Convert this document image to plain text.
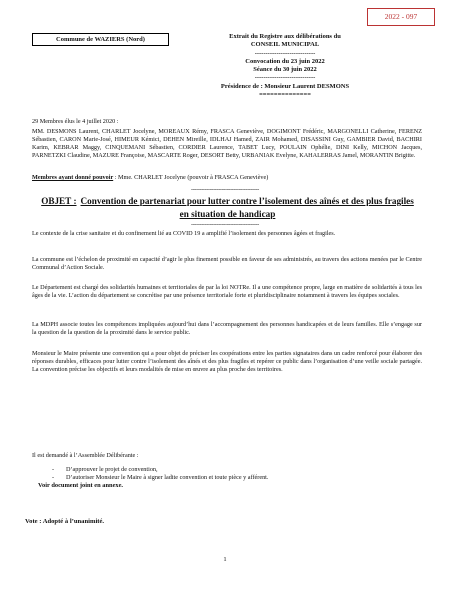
2022 - 097
Commune de WAZIERS (Nord)	Extrait du Registre aux délibérations du
CONSEIL MUNICIPAL
----------------------------
Convocation du 23 juin 2022
Séance du 30 juin 2022
----------------------------
Présidence de : Monsieur Laurent DESMONS
==============
29 Membres élus le 4 juillet 2020 :
MM. DESMONS Laurent, CHARLET Jocelyne, MOREAUX Rémy, FRASCA Geneviève, DOGIMONT Frédéric, MARGONELLI Catherine, FERENZ Sébastien, CARON Marie-José, HIMEUR Kémici, DEHEN Mireille, IDLHAJ Hamed, ZAIR Mohamed, DISASSINI Guy, GAMBIER David, BACHIRI Karim, KEBRAR Maggy, CINQUEMANI Sébastien, CORDIER Laurence, TABET Lucy, POULAIN Ophélie, DINI Kelly, MICHON Jacques, PARNETZKI Claudine, MAZURE Françoise, MASCARTE Roger, DESORT Betty, URBANIAK Evelyne, KAHALERRAS Jamel, MORANTIN Brigitte.
Membres ayant donné pouvoir : Mme. CHARLET Jocelyne (pouvoir à FRASCA Geneviève)
----------------------------------------
OBJET : Convention de partenariat pour lutter contre l’isolement des aînés et des plus fragiles en situation de handicap
----------------------------------------
Le contexte de la crise sanitaire et du confinement lié au COVID 19 a amplifié l’isolement des personnes âgées et fragiles.
La commune est l’échelon de proximité en capacité d’agir le plus finement possible en faveur de ses administrés, au travers des actions menées par le Centre Communal d’Action Sociale.
Le Département est chargé des solidarités humaines et territoriales de par la loi NOTRe. Il a une compétence propre, large en matière de solidarités à tous les âges de la vie. L’action du département se concrétise par une présence territoriale forte et pluridisciplinaire notamment à travers les équipes sociales.
La MDPH associe toutes les compétences impliquées aujourd’hui dans l’accompagnement des personnes handicapées et de leurs familles. Elle s’engage sur la question de la question de la proximité dans le service public.
Monsieur le Maire présente une convention qui a pour objet de préciser les coopérations entre les parties signataires dans un cadre renforcé pour élaborer des réponses durables, efficaces pour lutter contre l’isolement des aînés et des plus fragiles et repérer ce public dans l’organisation d’une veille sociale partagée. La convention précise les objectifs et leurs modalités de mise en œuvre au plus proche des territoires.
Il est demandé à l’Assemblée Délibérante :
- D’approuver le projet de convention,
- D’autoriser Monsieur le Maire à signer ladite convention et toute pièce y afférent.
Voir document joint en annexe.
Vote : Adopté à l’unanimité.
1
